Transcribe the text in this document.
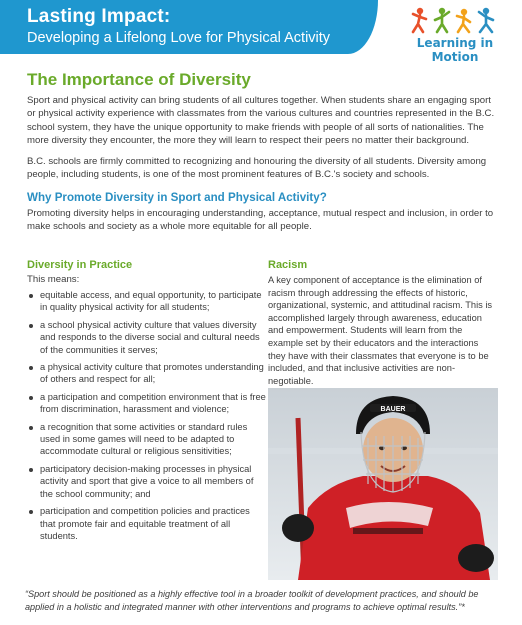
Lasting Impact:

Developing a Lifelong Love for Physical Activity	Learning in Motion
The Importance of Diversity

Sport and physical activity can bring students of all cultures together. When students share an engaging sport or physical activity experience with classmates from the various cultures and countries represented in the B.C. school system, they have the unique opportunity to make friends with people of all sorts of nationalities. The more diversity they encounter, the more they will learn to respect their peers no matter their background.

B.C. schools are firmly committed to recognizing and honouring the diversity of all students. Diversity among people, including students, is one of the most prominent features of B.C.'s society and schools.

Why Promote Diversity in Sport and Physical Activity?

Promoting diversity helps in encouraging understanding, acceptance, mutual respect and inclusion, in order to make schools and society as a whole more equitable for all people.

Diversity in Practice

This means:

equitable access, and equal opportunity, to participate in quality physical activity for all students;
a school physical activity culture that values diversity and responds to the diverse social and cultural needs of the communities it serves;
a physical activity culture that promotes understanding of others and respect for all;
a participation and competition environment that is free from discrimination, harassment and violence;
a recognition that some activities or standard rules used in some games will need to be adapted to accommodate cultural or religious sensitivities;
participatory decision-making processes in physical activity and sport that give a voice to all members of the school community; and
participation and competition policies and practices that promote fair and equitable treatment of all students.
Racism

A key component of acceptance is the elimination of racism through addressing the effects of historic, organizational, systemic, and attitudinal racism. This is accomplished largely through awareness, education and empowerment. Students will learn from the example set by their educators and the interactions they have with their classmates that everyone is to be included, and that inclusive activities are non-negotiable.

BAUER

“Sport should be positioned as a highly effective tool in a broader toolkit of development practices, and should be applied in a holistic and integrated manner with other interventions and programs to achieve optimal results.”*
